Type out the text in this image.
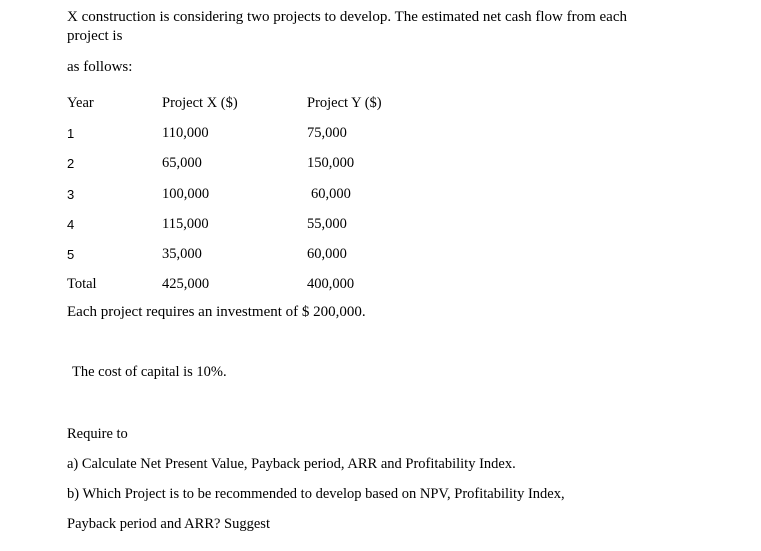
X construction is considering two projects to develop. The estimated net cash flow from each
project is
as follows:
Year	Project X ($)	Project Y ($)
1	110,000	75,000
2	65,000	150,000
3	100,000	60,000
4	115,000	55,000
5	35,000	60,000
Total	425,000	400,000
Each project requires an investment of $ 200,000.
The cost of capital is 10%.
Require to
a) Calculate Net Present Value, Payback period, ARR and Profitability Index.
b) Which Project is to be recommended to develop based on NPV, Profitability Index,
Payback period and ARR? Suggest
